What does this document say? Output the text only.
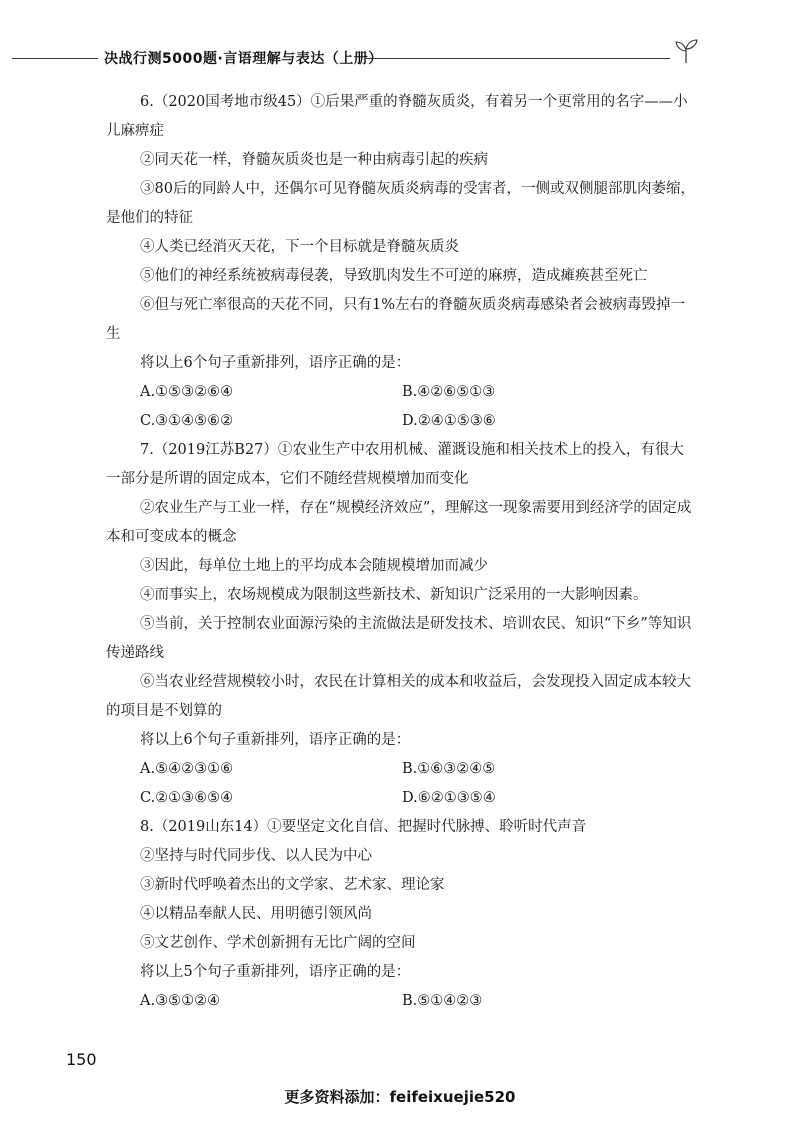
决战行测5000题·言语理解与表达（上册）

6.（2020国考地市级45）①后果严重的脊髓灰质炎，有着另一个更常用的名字——小儿麻痹症

②同天花一样，脊髓灰质炎也是一种由病毒引起的疾病

③80后的同龄人中，还偶尔可见脊髓灰质炎病毒的受害者，一侧或双侧腿部肌肉萎缩，是他们的特征

④人类已经消灭天花，下一个目标就是脊髓灰质炎

⑤他们的神经系统被病毒侵袭，导致肌肉发生不可逆的麻痹，造成瘫痪甚至死亡

⑥但与死亡率很高的天花不同，只有1%左右的脊髓灰质炎病毒感染者会被病毒毁掉一生

将以上6个句子重新排列，语序正确的是：

A.①⑤③②⑥④	B.④②⑥⑤①③
C.③①④⑤⑥②	D.②④①⑤③⑥

7.（2019江苏B27）①农业生产中农用机械、灌溉设施和相关技术上的投入，有很大一部分是所谓的固定成本，它们不随经营规模增加而变化

②农业生产与工业一样，存在“规模经济效应”，理解这一现象需要用到经济学的固定成本和可变成本的概念

③因此，每单位土地上的平均成本会随规模增加而减少

④而事实上，农场规模成为限制这些新技术、新知识广泛采用的一大影响因素。

⑤当前，关于控制农业面源污染的主流做法是研发技术、培训农民、知识“下乡”等知识传递路线

⑥当农业经营规模较小时，农民在计算相关的成本和收益后，会发现投入固定成本较大的项目是不划算的

将以上6个句子重新排列，语序正确的是：

A.⑤④②③①⑥	B.①⑥③②④⑤
C.②①③⑥⑤④	D.⑥②①③⑤④

8.（2019山东14）①要坚定文化自信、把握时代脉搏、聆听时代声音

②坚持与时代同步伐、以人民为中心

③新时代呼唤着杰出的文学家、艺术家、理论家

④以精品奉献人民、用明德引领风尚

⑤文艺创作、学术创新拥有无比广阔的空间

将以上5个句子重新排列，语序正确的是：

A.③⑤①②④	B.⑤①④②③
150
更多资料添加：feifeixuejie520
